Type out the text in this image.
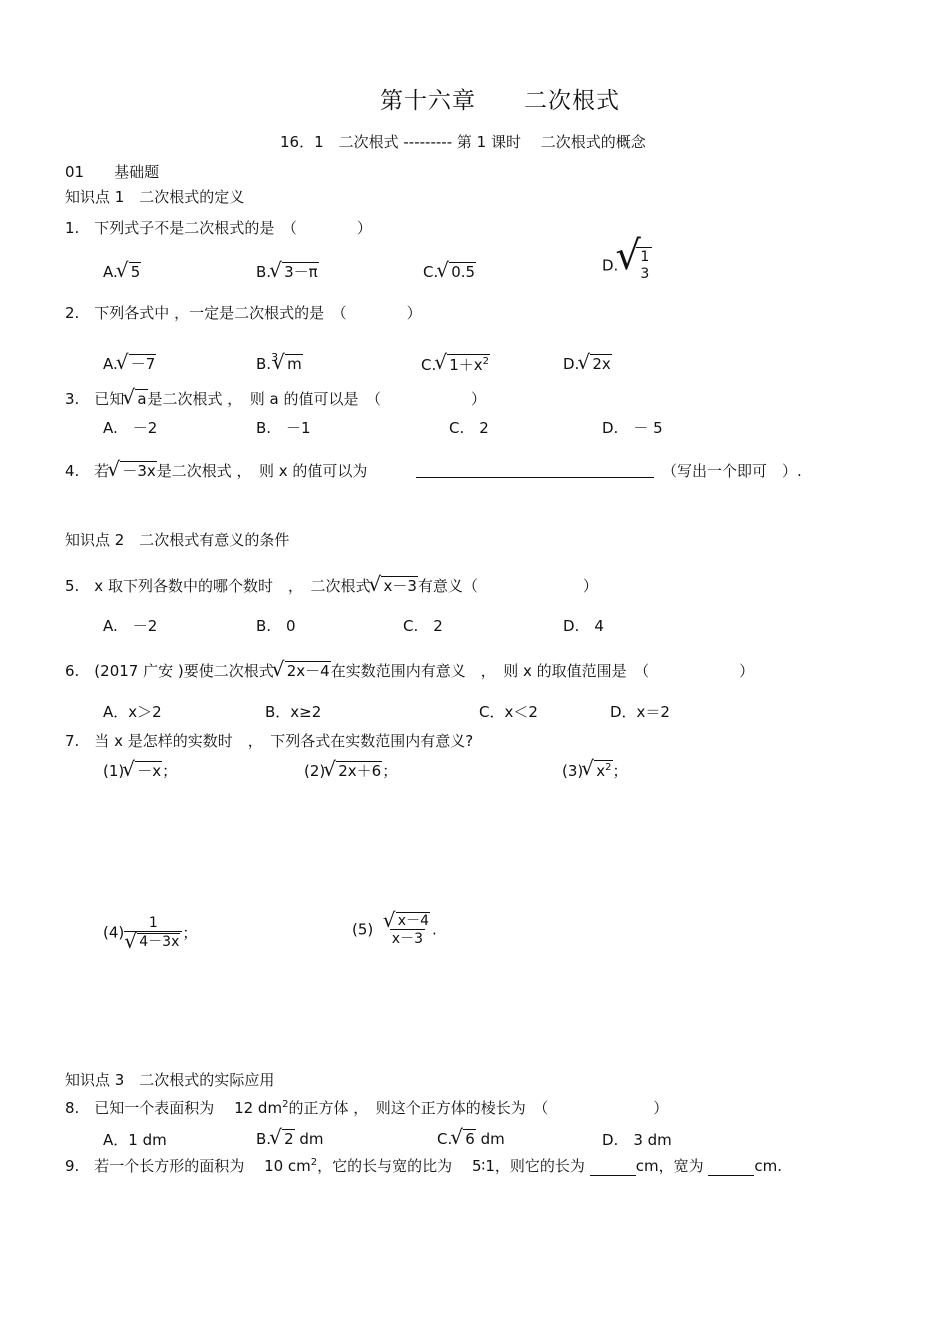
第十六章　　二次根式
16．1　二次根式 --------- 第 1 课时　 二次根式的概念
01　　基础题
知识点 1　二次根式的定义
1.　下列式子不是二次根式的是　（　　　　）
A. √ 5	B. √ 3－π	C. √ 0.5	D. √ 1
3
2.　下列各式中 ，一定是二次根式的是　（　　　　）
A. √ －7	B.$^3$ √ m	C. √ $1+x^2$	D. √ 2x
3.　已知 √ a是二次根式 ，　则 a 的值可以是　（　　　　　　）
A.　－2	B.　－1	C.　2	D.　－ 5
4.　若 √ －3x是二次根式 ，　则 x 的值可以为	（写出一个即可　）.
知识点 2　二次根式有意义的条件
5.　x 取下列各数中的哪个数时　，　二次根式 √ x－3有意义（　　　　　　　）
A.　－2	B.　0	C.　2	D.　4
6.　(2017 广安 )要使二次根式 √ 2x－4在实数范围内有意义　，　则 x 的取值范围是　（　　　　　　）
A．x＞2	B．x≥2	C．x＜2	D．x＝2
7.　当 x 是怎样的实数时　，　下列各式在实数范围内有意义?
(1) √ －x；	(2) √ 2x＋6；	(3) √ $x^2$；
(4) 1
√ 4－3x ；	(5) √ $\frac{x-4}{x-3}$ .
知识点 3　二次根式的实际应用
8.　已知一个表面积为　 12 $dm^2$的正方体 ，　则这个正方体的棱长为　（　　　　　　　）
A．1 dm	B. √ 2 dm	C. √ 6 dm	D.　3 dm
9.　若一个长方形的面积为　 10 $cm^2$，它的长与宽的比为　 5∶1，则它的长为	cm，宽为	cm.
